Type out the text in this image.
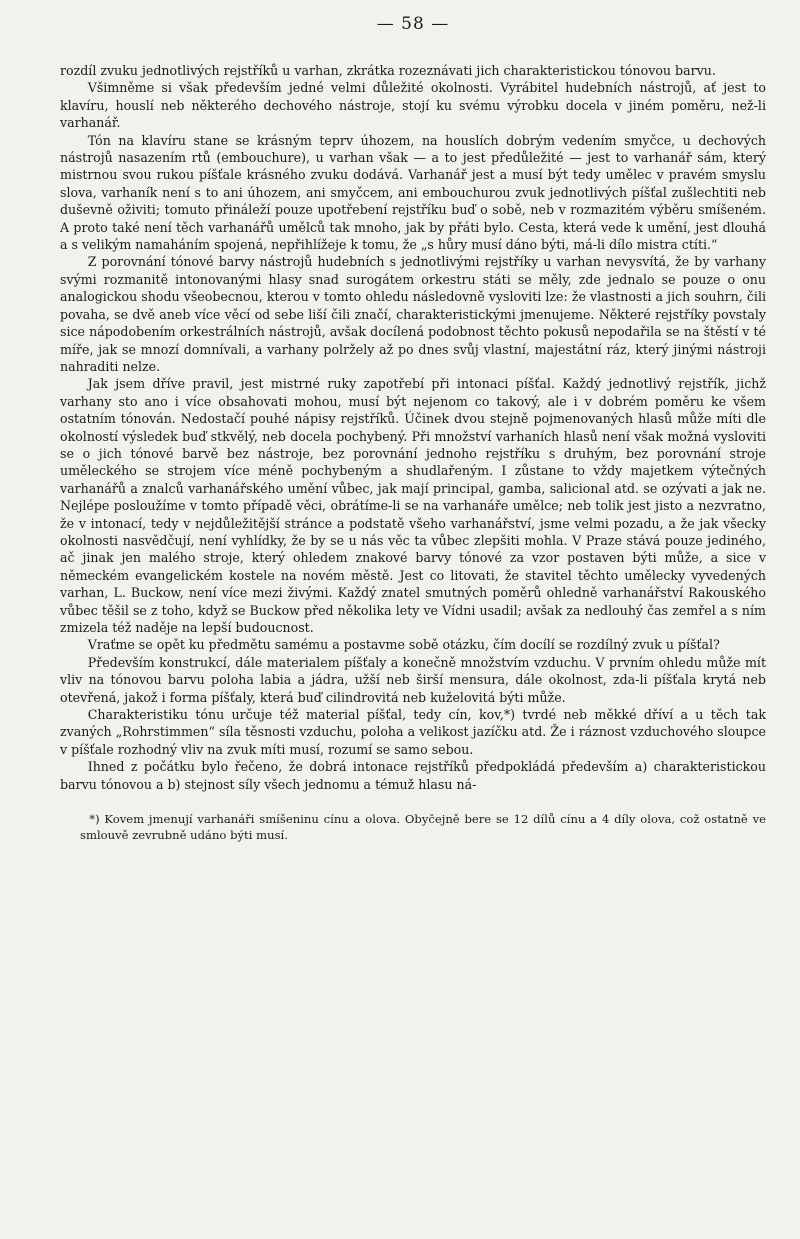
— 58 —

rozdíl zvuku jednotlivých rejstříků u varhan, zkrátka rozeznávati jich charakteristickou tónovou barvu.

Všimněme si však především jedné velmi důležité okolnosti. Vyrábitel hudebních nástrojů, ať jest to klavíru, houslí neb některého dechového nástroje, stojí ku svému výrobku docela v jiném poměru, než-li varhanář.

Tón na klavíru stane se krásným teprv úhozem, na houslích dobrým vedením smyčce, u dechových nástrojů nasazením rtů (embouchure), u varhan však — a to jest předůležité — jest to varhanář sám, který mistrnou svou rukou píšťale krásného zvuku dodává. Varhanář jest a musí být tedy umělec v pravém smyslu slova, varhaník není s to ani úhozem, ani smyčcem, ani embouchurou zvuk jednotlivých píšťal zušlechtiti neb duševně oživiti; tomuto přináleží pouze upotřebení rejstříku buď o sobě, neb v rozmazitém výběru smíšeném. A proto také není těch varhanářů umělců tak mnoho, jak by přáti bylo. Cesta, která vede k umění, jest dlouhá a s velikým namaháním spojená, nepřihlížeje k tomu, že „s hůry musí dáno býti, má-li dílo mistra ctíti.“

Z porovnání tónové barvy nástrojů hudebních s jednotlivými rejstříky u varhan nevysvítá, že by varhany svými rozmanitě intonovanými hlasy snad surogátem orkestru státi se měly, zde jednalo se pouze o onu analogickou shodu všeobecnou, kterou v tomto ohledu následovně vysloviti lze: že vlastnosti a jich souhrn, čili povaha, se dvě aneb více věcí od sebe liší čili značí, charakteristickými jmenujeme. Některé rejstříky povstaly sice nápodobením orkestrálních nástrojů, avšak docílená podobnost těchto pokusů nepodařila se na štěstí v té míře, jak se mnozí domnívali, a varhany polržely až po dnes svůj vlastní, majestátní ráz, který jinými nástroji nahraditi nelze.

Jak jsem dříve pravil, jest mistrné ruky zapotřebí při intonaci píšťal. Každý jednotlivý rejstřík, jichž varhany sto ano i více obsahovati mohou, musí být nejenom co takový, ale i v dobrém poměru ke všem ostatním tónován. Nedostačí pouhé nápisy rejstříků. Účinek dvou stejně pojmenovaných hlasů může míti dle okolností výsledek buď stkvělý, neb docela pochybený. Při množství varhaních hlasů není však možná vysloviti se o jich tónové barvě bez nástroje, bez porovnání jednoho rejstříku s druhým, bez porovnání stroje uměleckého se strojem více méně pochybeným a shudlařeným. I zůstane to vždy majetkem výtečných varhanářů a znalců varhanářského umění vůbec, jak mají principal, gamba, salicional atd. se ozývati a jak ne. Nejlépe posloužíme v tomto případě věci, obrátíme-li se na varhanáře umělce; neb tolik jest jisto a nezvratno, že v intonací, tedy v nejdůležitější stránce a podstatě všeho varhanářství, jsme velmi pozadu, a že jak všecky okolnosti nasvědčují, není vyhlídky, že by se u nás věc ta vůbec zlepšiti mohla. V Praze stává pouze jediného, ač jinak jen malého stroje, který ohledem znakové barvy tónové za vzor postaven býti může, a sice v německém evangelickém kostele na novém městě. Jest co litovati, že stavitel těchto umělecky vyvedených varhan, L. Buckow, není více mezi živými. Každý znatel smutných poměrů ohledně varhanářství Rakouského vůbec těšil se z toho, když se Buckow před několika lety ve Vídni usadil; avšak za nedlouhý čas zemřel a s ním zmizela též naděje na lepší budoucnost.

Vraťme se opět ku předmětu samému a postavme sobě otázku, čím docílí se rozdílný zvuk u píšťal?

Především konstrukcí, dále materialem píšťaly a konečně množstvím vzduchu. V prvním ohledu může mít vliv na tónovou barvu poloha labia a jádra, užší neb širší mensura, dále okolnost, zda-li píšťala krytá neb otevřená, jakož i forma píšťaly, která buď cilindrovitá neb kuželovitá býti může.

Charakteristiku tónu určuje též material píšťal, tedy cín, kov,*) tvrdé neb měkké dříví a u těch tak zvaných „Rohrstimmen“ síla těsnosti vzduchu, poloha a velikost jazíčku atd. Že i ráznost vzduchového sloupce v píšťale rozhodný vliv na zvuk míti musí, rozumí se samo sebou.

Ihned z počátku bylo řečeno, že dobrá intonace rejstříků předpokládá především a) charakteristickou barvu tónovou a b) stejnost síly všech jednomu a témuž hlasu ná-

*) Kovem jmenují varhanáři smíšeninu cínu a olova. Obyčejně bere se 12 dílů cínu a 4 díly olova, což ostatně ve smlouvě zevrubně udáno býti musí.
